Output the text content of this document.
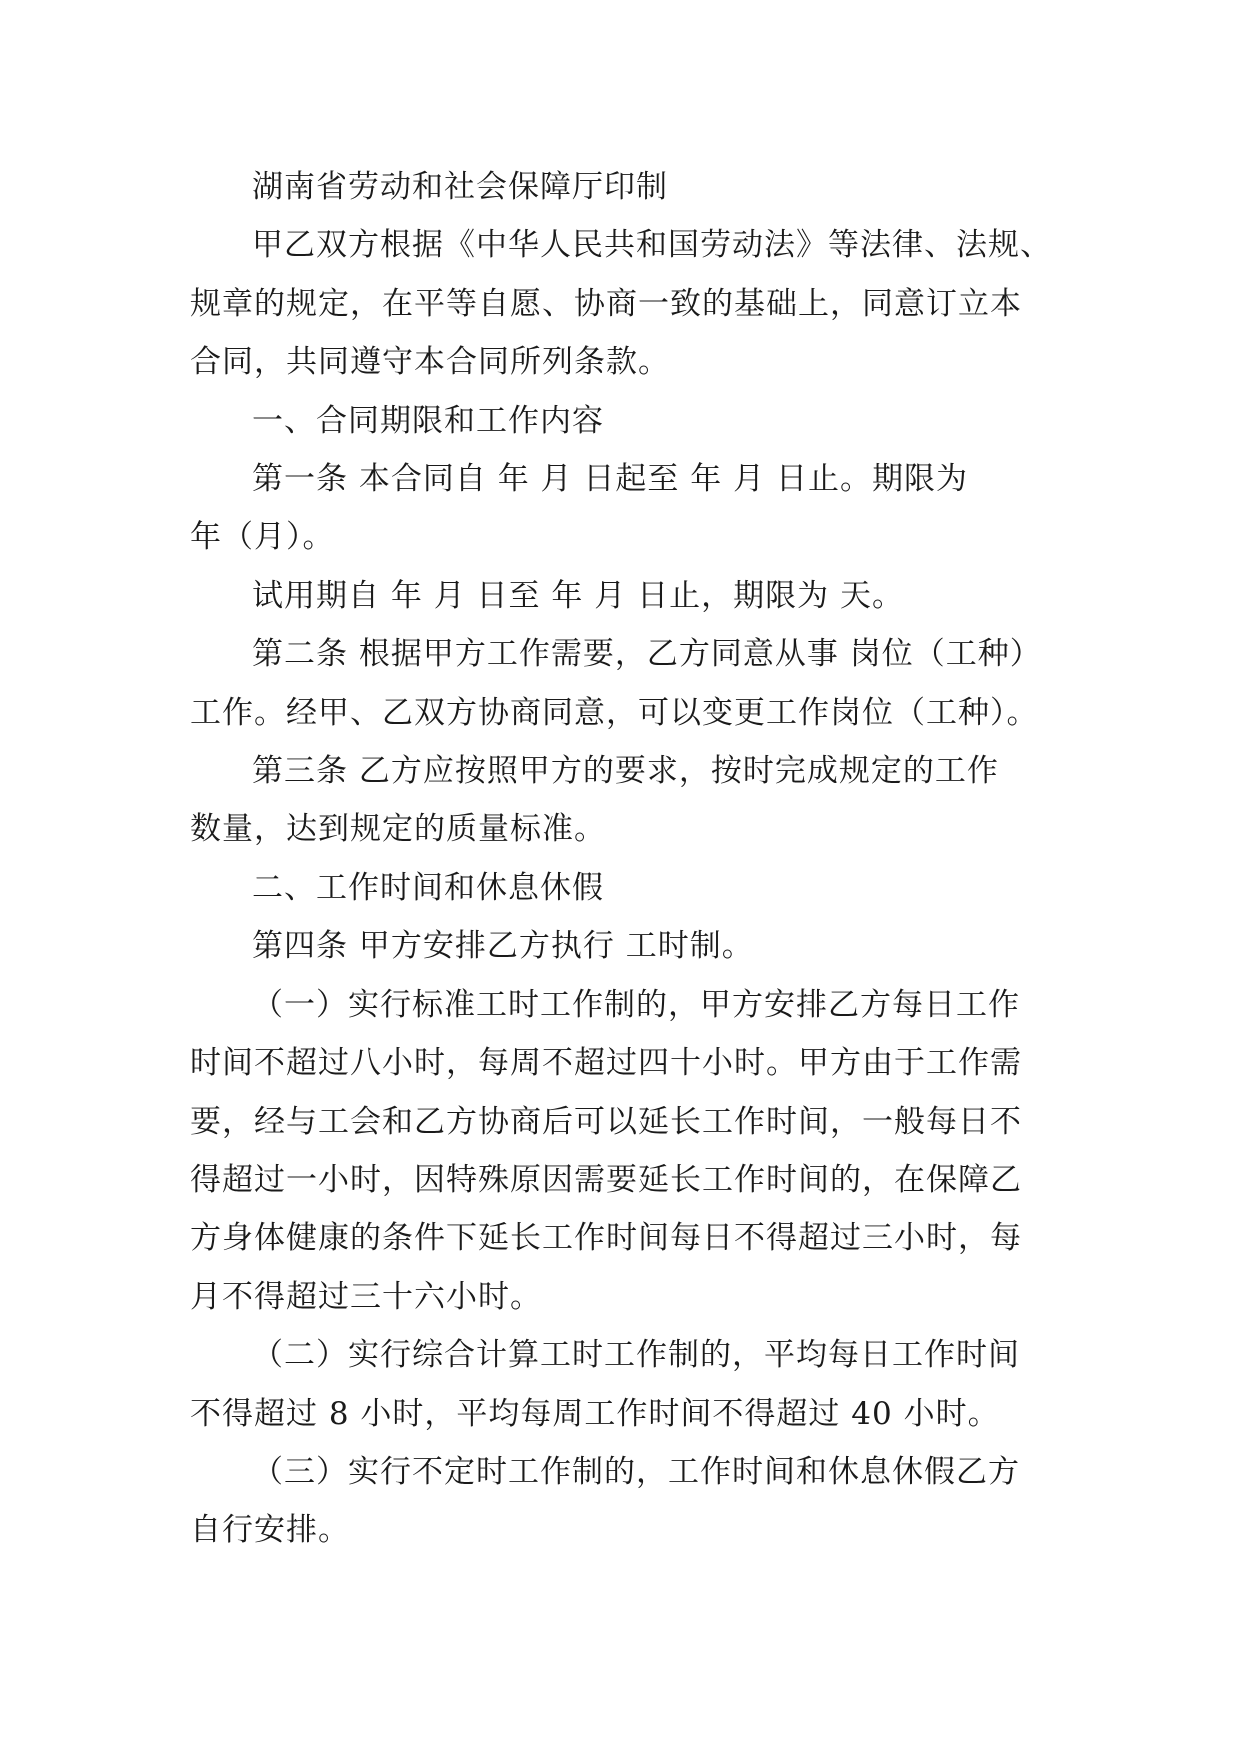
湖南省劳动和社会保障厅印制
甲乙双方根据《中华人民共和国劳动法》等法律、法规、
规章的规定，在平等自愿、协商一致的基础上，同意订立本
合同，共同遵守本合同所列条款。
一、合同期限和工作内容
第一条 本合同自 年 月 日起至 年 月 日止。期限为
年（月）。
试用期自 年 月 日至 年 月 日止，期限为 天。
第二条 根据甲方工作需要，乙方同意从事 岗位（工种）
工作。经甲、乙双方协商同意，可以变更工作岗位（工种）。
第三条 乙方应按照甲方的要求，按时完成规定的工作
数量，达到规定的质量标准。
二、工作时间和休息休假
第四条 甲方安排乙方执行 工时制。
（一）实行标准工时工作制的，甲方安排乙方每日工作
时间不超过八小时，每周不超过四十小时。甲方由于工作需
要，经与工会和乙方协商后可以延长工作时间，一般每日不
得超过一小时，因特殊原因需要延长工作时间的，在保障乙
方身体健康的条件下延长工作时间每日不得超过三小时，每
月不得超过三十六小时。
（二）实行综合计算工时工作制的，平均每日工作时间
不得超过 8 小时，平均每周工作时间不得超过 40 小时。
（三）实行不定时工作制的，工作时间和休息休假乙方
自行安排。
